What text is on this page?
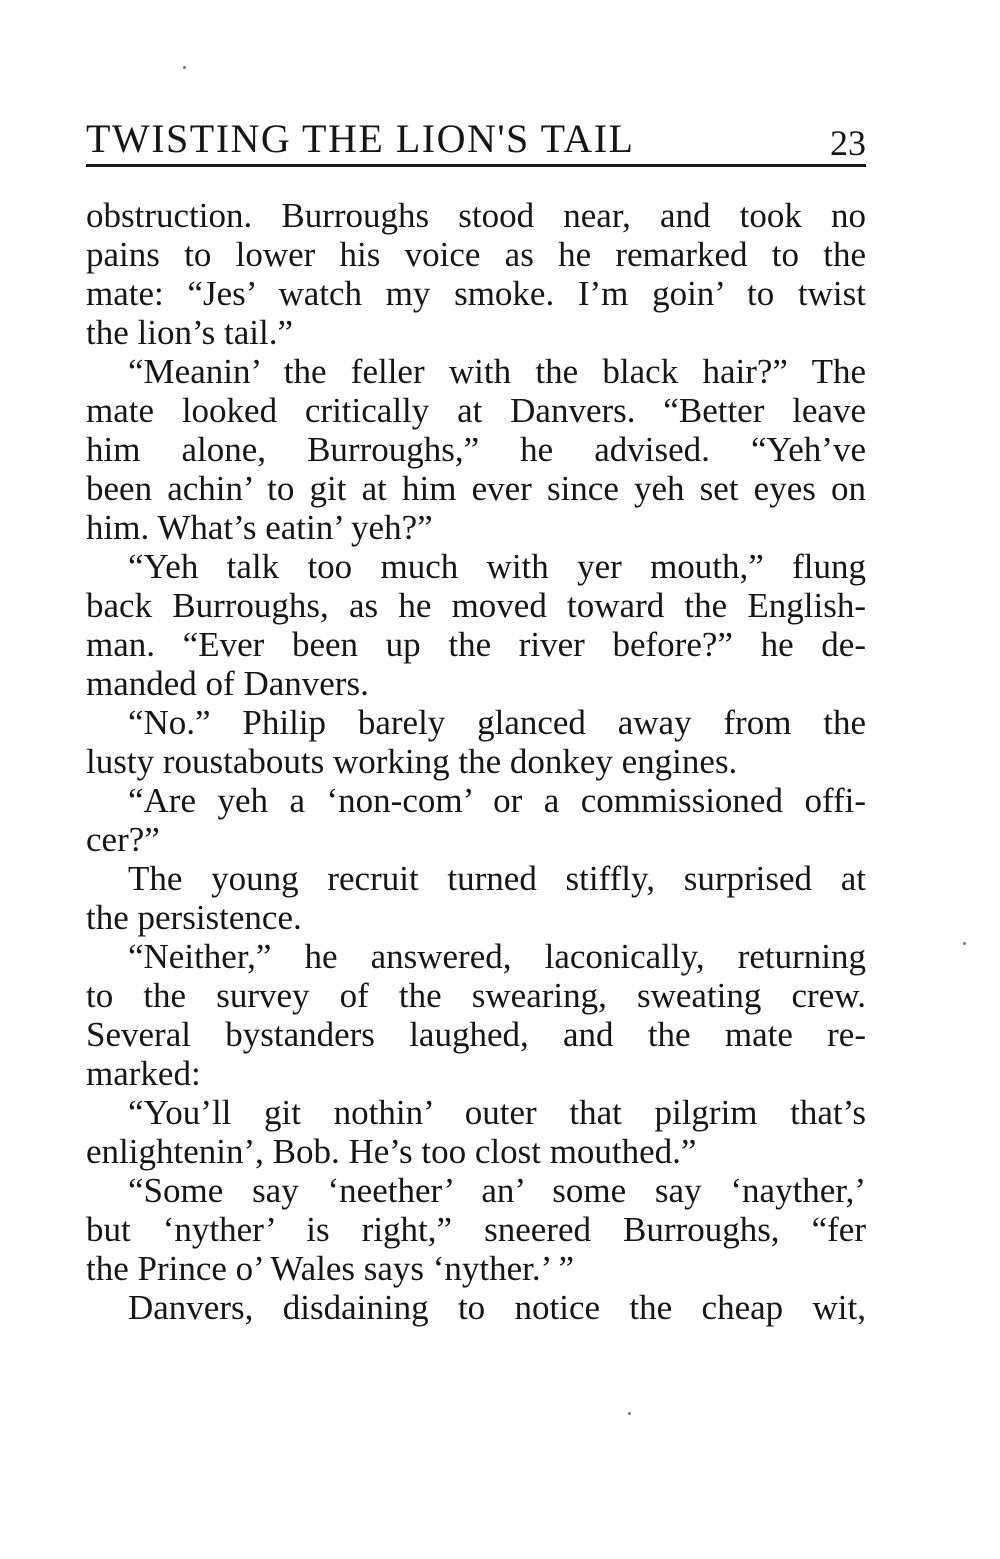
TWISTING THE LION'S TAIL	23
obstruction. Burroughs stood near, and took no
pains to lower his voice as he remarked to the
mate: “Jes’ watch my smoke. I’m goin’ to twist
the lion’s tail.”
“Meanin’ the feller with the black hair?” The
mate looked critically at Danvers. “Better leave
him alone, Burroughs,” he advised. “Yeh’ve
been achin’ to git at him ever since yeh set eyes on
him. What’s eatin’ yeh?”
“Yeh talk too much with yer mouth,” flung
back Burroughs, as he moved toward the English-
man. “Ever been up the river before?” he de-
manded of Danvers.
“No.” Philip barely glanced away from the
lusty roustabouts working the donkey engines.
“Are yeh a ‘non-com’ or a commissioned offi-
cer?”
The young recruit turned stiffly, surprised at
the persistence.
“Neither,” he answered, laconically, returning
to the survey of the swearing, sweating crew.
Several bystanders laughed, and the mate re-
marked:
“You’ll git nothin’ outer that pilgrim that’s
enlightenin’, Bob. He’s too clost mouthed.”
“Some say ‘neether’ an’ some say ‘nayther,’
but ‘nyther’ is right,” sneered Burroughs, “fer
the Prince o’ Wales says ‘nyther.’ ”
Danvers, disdaining to notice the cheap wit,
